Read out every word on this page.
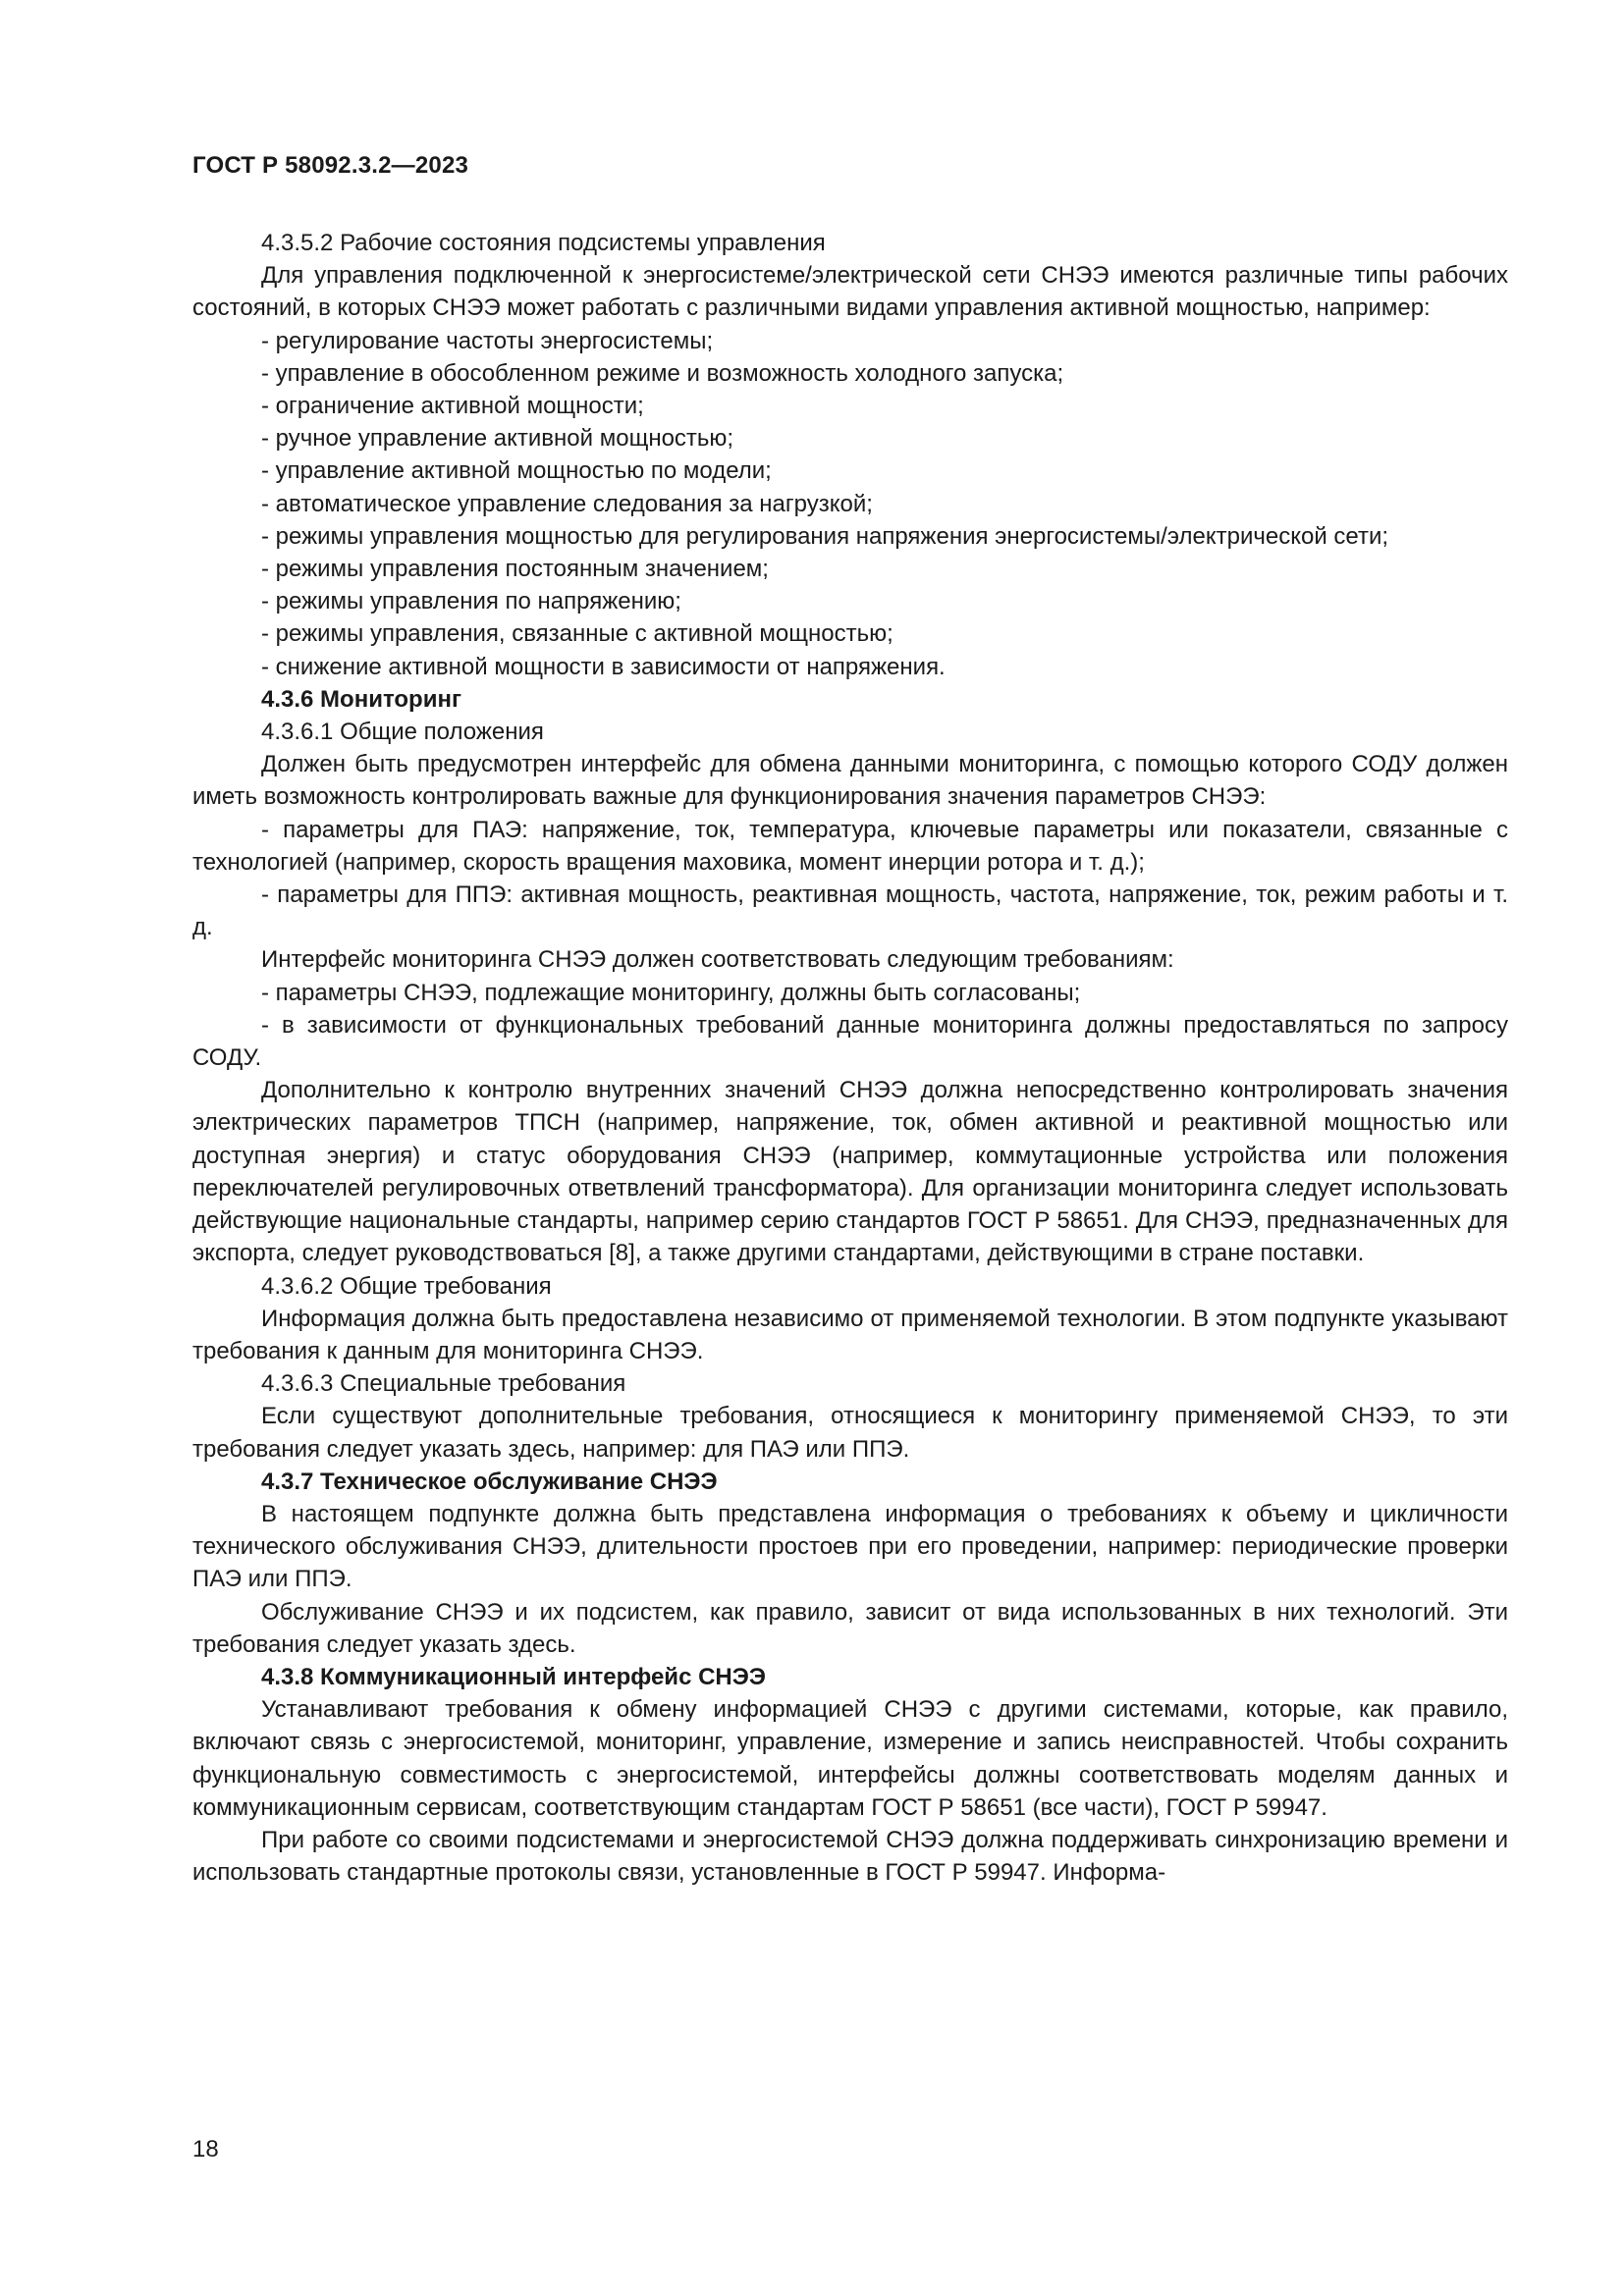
ГОСТ Р 58092.3.2—2023

4.3.5.2 Рабочие состояния подсистемы управления

Для управления подключенной к энергосистеме/электрической сети СНЭЭ имеются различные типы рабочих состояний, в которых СНЭЭ может работать с различными видами управления активной мощностью, например:

- регулирование частоты энергосистемы;

- управление в обособленном режиме и возможность холодного запуска;

- ограничение активной мощности;

- ручное управление активной мощностью;

- управление активной мощностью по модели;

- автоматическое управление следования за нагрузкой;

- режимы управления мощностью для регулирования напряжения энергосистемы/электрической сети;

- режимы управления постоянным значением;

- режимы управления по напряжению;

- режимы управления, связанные с активной мощностью;

- снижение активной мощности в зависимости от напряжения.

4.3.6 Мониторинг

4.3.6.1 Общие положения

Должен быть предусмотрен интерфейс для обмена данными мониторинга, с помощью которого СОДУ должен иметь возможность контролировать важные для функционирования значения параметров СНЭЭ:

- параметры для ПАЭ: напряжение, ток, температура, ключевые параметры или показатели, связанные с технологией (например, скорость вращения маховика, момент инерции ротора и т. д.);

- параметры для ППЭ: активная мощность, реактивная мощность, частота, напряжение, ток, режим работы и т. д.

Интерфейс мониторинга СНЭЭ должен соответствовать следующим требованиям:

- параметры СНЭЭ, подлежащие мониторингу, должны быть согласованы;

- в зависимости от функциональных требований данные мониторинга должны предоставляться по запросу СОДУ.

Дополнительно к контролю внутренних значений СНЭЭ должна непосредственно контролировать значения электрических параметров ТПСН (например, напряжение, ток, обмен активной и реактивной мощностью или доступная энергия) и статус оборудования СНЭЭ (например, коммутационные устройства или положения переключателей регулировочных ответвлений трансформатора). Для организации мониторинга следует использовать действующие национальные стандарты, например серию стандартов ГОСТ Р 58651. Для СНЭЭ, предназначенных для экспорта, следует руководствоваться [8], а также другими стандартами, действующими в стране поставки.

4.3.6.2 Общие требования

Информация должна быть предоставлена независимо от применяемой технологии. В этом подпункте указывают требования к данным для мониторинга СНЭЭ.

4.3.6.3 Специальные требования

Если существуют дополнительные требования, относящиеся к мониторингу применяемой СНЭЭ, то эти требования следует указать здесь, например: для ПАЭ или ППЭ.

4.3.7 Техническое обслуживание СНЭЭ

В настоящем подпункте должна быть представлена информация о требованиях к объему и цикличности технического обслуживания СНЭЭ, длительности простоев при его проведении, например: периодические проверки ПАЭ или ППЭ.

Обслуживание СНЭЭ и их подсистем, как правило, зависит от вида использованных в них технологий. Эти требования следует указать здесь.

4.3.8 Коммуникационный интерфейс СНЭЭ

Устанавливают требования к обмену информацией СНЭЭ с другими системами, которые, как правило, включают связь с энергосистемой, мониторинг, управление, измерение и запись неисправностей. Чтобы сохранить функциональную совместимость с энергосистемой, интерфейсы должны соответствовать моделям данных и коммуникационным сервисам, соответствующим стандартам ГОСТ Р 58651 (все части), ГОСТ Р 59947.

При работе со своими подсистемами и энергосистемой СНЭЭ должна поддерживать синхронизацию времени и использовать стандартные протоколы связи, установленные в ГОСТ Р 59947. Информа-

18
